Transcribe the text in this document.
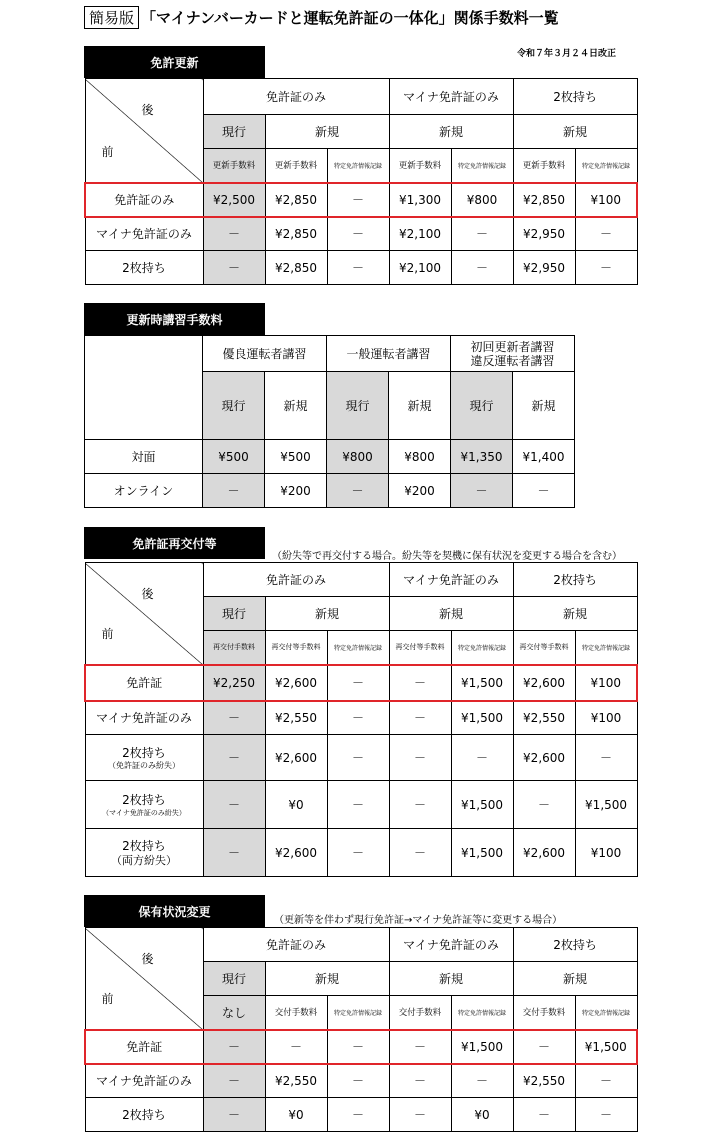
簡易版 「マイナンバーカードと運転免許証の一体化」関係手数料一覧
令和７年３月２４日改正
免許更新
後
前	免許証のみ			マイナ免許証のみ		2枚持ち	
	現行	新規		新規		新規	
	更新手数料	更新手数料	特定免許情報記録	更新手数料	特定免許情報記録	更新手数料	特定免許情報記録
免許証のみ	¥2,500	¥2,850	－	¥1,300	¥800	¥2,850	¥100
マイナ免許証のみ	－	¥2,850	－	¥2,100	－	¥2,950	－
2枚持ち	－	¥2,850	－	¥2,100	－	¥2,950	－
更新時講習手数料
	優良運転者講習		一般運転者講習		初回更新者講習
違反運転者講習	
	現行	新規	現行	新規	現行	新規
対面	¥500	¥500	¥800	¥800	¥1,350	¥1,400
オンライン	－	¥200	－	¥200	－	－
免許証再交付等
（紛失等で再交付する場合。紛失等を契機に保有状況を変更する場合を含む）
後
前	免許証のみ			マイナ免許証のみ		2枚持ち	
	現行	新規		新規		新規	
	再交付手数料	再交付等手数料	特定免許情報記録	再交付等手数料	特定免許情報記録	再交付等手数料	特定免許情報記録
免許証	¥2,250	¥2,600	－	－	¥1,500	¥2,600	¥100
マイナ免許証のみ	－	¥2,550	－	－	¥1,500	¥2,550	¥100
2枚持ち
（免許証のみ紛失）	－	¥2,600	－	－	－	¥2,600	－
2枚持ち
（マイナ免許証のみ紛失）	－	¥0	－	－	¥1,500	－	¥1,500
2枚持ち
（両方紛失）	－	¥2,600	－	－	¥1,500	¥2,600	¥100
保有状況変更
（更新等を伴わず現行免許証→マイナ免許証等に変更する場合）
後
前	免許証のみ			マイナ免許証のみ		2枚持ち	
	現行	新規		新規		新規	
	なし	交付手数料	特定免許情報記録	交付手数料	特定免許情報記録	交付手数料	特定免許情報記録
免許証	－	－	－	－	¥1,500	－	¥1,500
マイナ免許証のみ	－	¥2,550	－	－	－	¥2,550	－
2枚持ち	－	¥0	－	－	¥0	－	－
